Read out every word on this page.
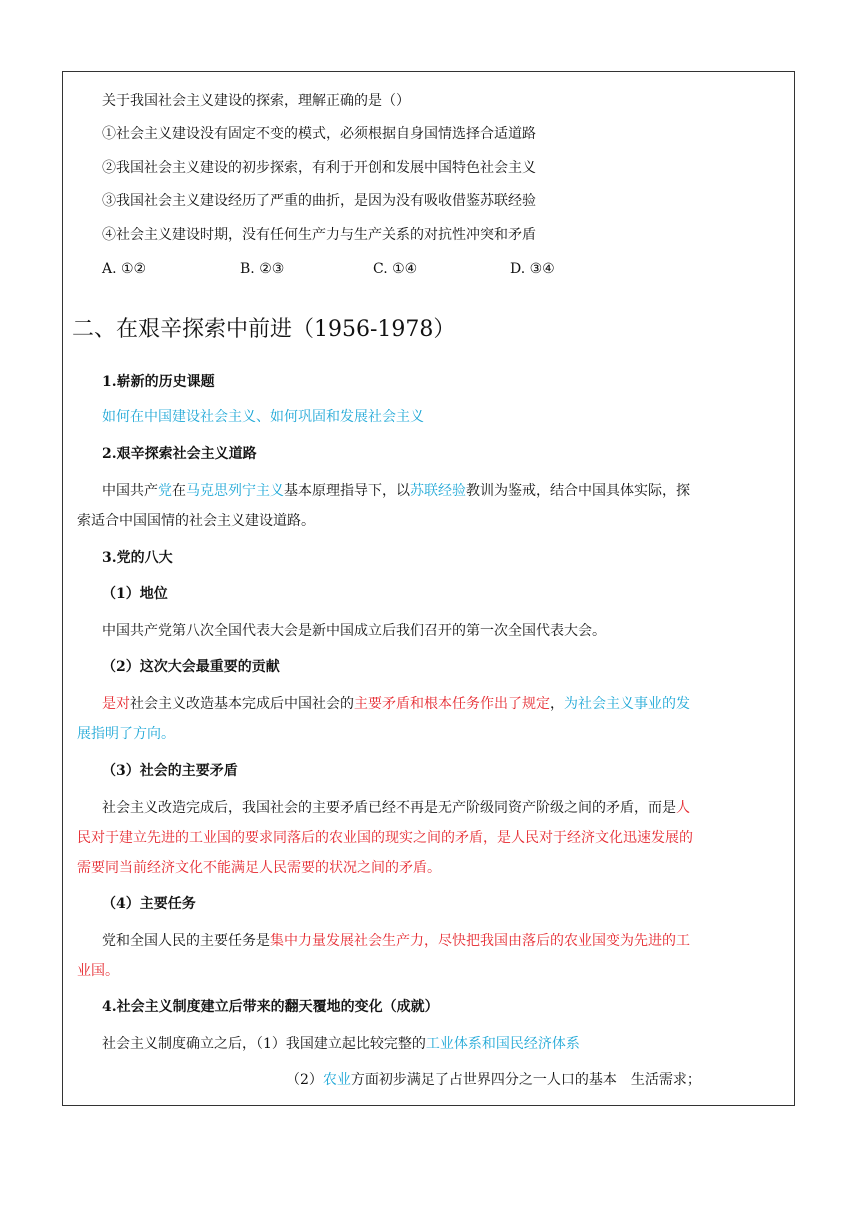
关于我国社会主义建设的探索，理解正确的是（）
①社会主义建设没有固定不变的模式，必须根据自身国情选择合适道路
②我国社会主义建设的初步探索，有利于开创和发展中国特色社会主义
③我国社会主义建设经历了严重的曲折，是因为没有吸收借鉴苏联经验
④社会主义建设时期，没有任何生产力与生产关系的对抗性冲突和矛盾
A. ①②	B. ②③	C. ①④	D. ③④
二、在艰辛探索中前进（1956-1978）
1.崭新的历史课题
如何在中国建设社会主义、如何巩固和发展社会主义
2.艰辛探索社会主义道路
中国共产党在马克思列宁主义基本原理指导下，以苏联经验教训为鉴戒，结合中国具体实际，探
索适合中国国情的社会主义建设道路。
3.党的八大
（1）地位
中国共产党第八次全国代表大会是新中国成立后我们召开的第一次全国代表大会。
（2）这次大会最重要的贡献
是对社会主义改造基本完成后中国社会的主要矛盾和根本任务作出了规定，为社会主义事业的发
展指明了方向。
（3）社会的主要矛盾
社会主义改造完成后，我国社会的主要矛盾已经不再是无产阶级同资产阶级之间的矛盾，而是人
民对于建立先进的工业国的要求同落后的农业国的现实之间的矛盾，是人民对于经济文化迅速发展的
需要同当前经济文化不能满足人民需要的状况之间的矛盾。
（4）主要任务
党和全国人民的主要任务是集中力量发展社会生产力，尽快把我国由落后的农业国变为先进的工
业国。
4.社会主义制度建立后带来的翻天覆地的变化（成就）
社会主义制度确立之后，（1）我国建立起比较完整的工业体系和国民经济体系
（2）农业方面初步满足了占世界四分之一人口的基本　生活需求；
